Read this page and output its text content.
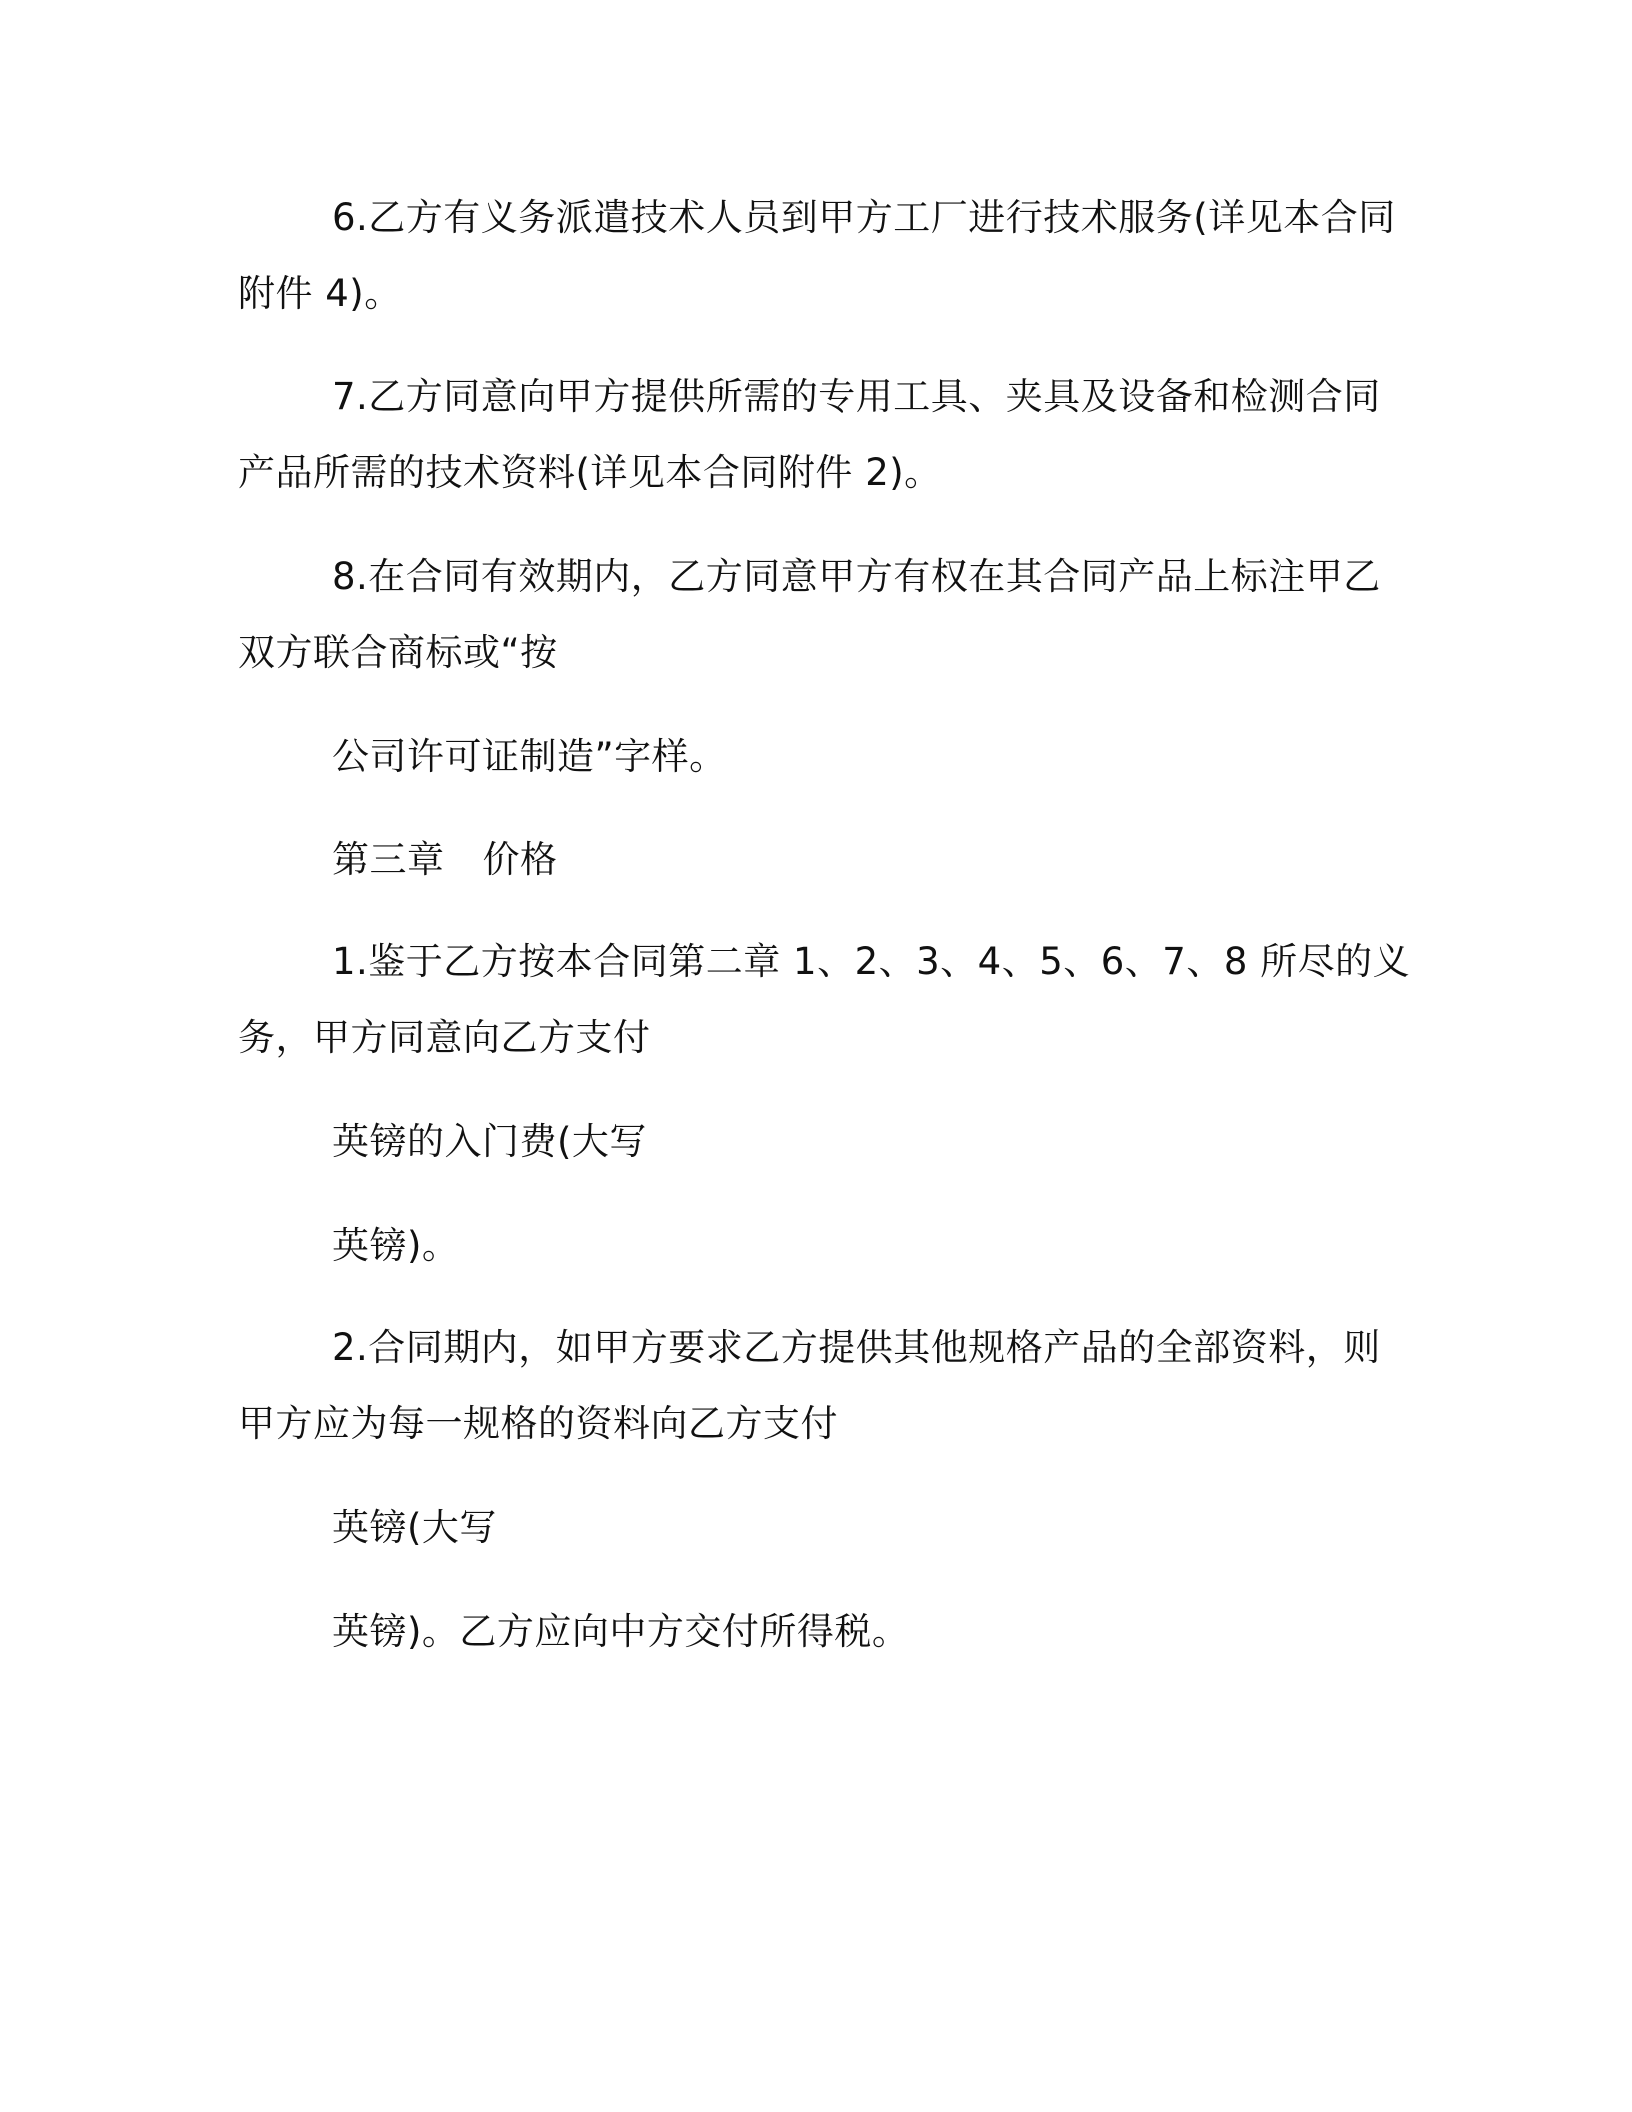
6.乙方有义务派遣技术人员到甲方工厂进行技术服务(详见本合同
附件 4)。
7.乙方同意向甲方提供所需的专用工具、夹具及设备和检测合同
产品所需的技术资料(详见本合同附件 2)。
8.在合同有效期内，乙方同意甲方有权在其合同产品上标注甲乙
双方联合商标或“按
公司许可证制造”字样。
第三章 价格
1.鉴于乙方按本合同第二章 1、2、3、4、5、6、7、8 所尽的义
务，甲方同意向乙方支付
英镑的入门费(大写
英镑)。
2.合同期内，如甲方要求乙方提供其他规格产品的全部资料，则
甲方应为每一规格的资料向乙方支付
英镑(大写
英镑)。乙方应向中方交付所得税。
